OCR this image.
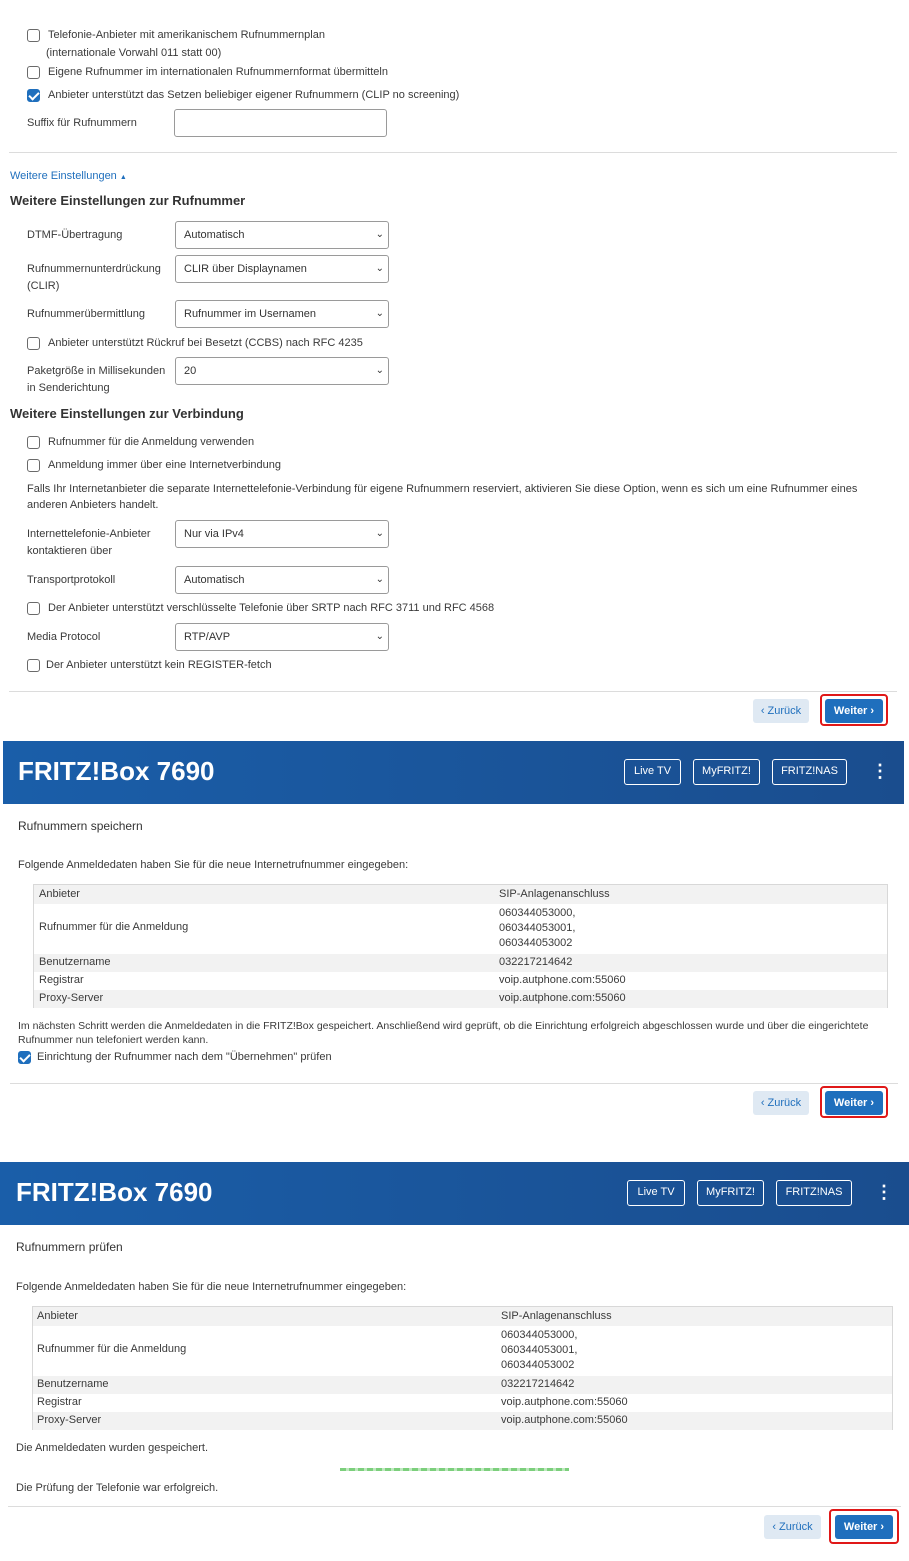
Telefonie-Anbieter mit amerikanischem Rufnummernplan
(internationale Vorwahl 011 statt 00)
Eigene Rufnummer im internationalen Rufnummernformat übermitteln
Anbieter unterstützt das Setzen beliebiger eigener Rufnummern (CLIP no screening)
Suffix für Rufnummern
Weitere Einstellungen ▲
Weitere Einstellungen zur Rufnummer
DTMF-Übertragung	Automatisch	⌄
Rufnummernunterdrückung
(CLIR)
CLIR über Displaynamen	⌄
Rufnummerübermittlung	Rufnummer im Usernamen	⌄
Anbieter unterstützt Rückruf bei Besetzt (CCBS) nach RFC 4235
Paketgröße in Millisekunden
in Senderichtung
20	⌄
Weitere Einstellungen zur Verbindung
Rufnummer für die Anmeldung verwenden
Anmeldung immer über eine Internetverbindung
Falls Ihr Internetanbieter die separate Internettelefonie-Verbindung für eigene Rufnummern reserviert, aktivieren Sie diese Option, wenn es sich um eine Rufnummer eines anderen Anbieters handelt.
Internettelefonie-Anbieter
kontaktieren über
Nur via IPv4	⌄
Transportprotokoll	Automatisch	⌄
Der Anbieter unterstützt verschlüsselte Telefonie über SRTP nach RFC 3711 und RFC 4568
Media Protocol	RTP/AVP	⌄
Der Anbieter unterstützt kein REGISTER-fetch
‹ Zurück	Weiter ›
FRITZ!Box 7690	Live TV	MyFRITZ!	FRITZ!NAS	⋮
Rufnummern speichern
Folgende Anmeldedaten haben Sie für die neue Internetrufnummer eingegeben:
Anbieter	SIP-Anlagenanschluss
Rufnummer für die Anmeldung
060344053000,
060344053001,
060344053002
Benutzername	032217214642
Registrar	voip.autphone.com:55060
Proxy-Server	voip.autphone.com:55060
Im nächsten Schritt werden die Anmeldedaten in die FRITZ!Box gespeichert. Anschließend wird geprüft, ob die Einrichtung erfolgreich abgeschlossen wurde und über die eingerichtete
Rufnummer nun telefoniert werden kann.
Einrichtung der Rufnummer nach dem "Übernehmen" prüfen
‹ Zurück	Weiter ›
FRITZ!Box 7690	Live TV	MyFRITZ!	FRITZ!NAS	⋮
Rufnummern prüfen
Folgende Anmeldedaten haben Sie für die neue Internetrufnummer eingegeben:
Anbieter	SIP-Anlagenanschluss
Rufnummer für die Anmeldung
060344053000,
060344053001,
060344053002
Benutzername	032217214642
Registrar	voip.autphone.com:55060
Proxy-Server	voip.autphone.com:55060
Die Anmeldedaten wurden gespeichert.
Die Prüfung der Telefonie war erfolgreich.
‹ Zurück	Weiter ›
